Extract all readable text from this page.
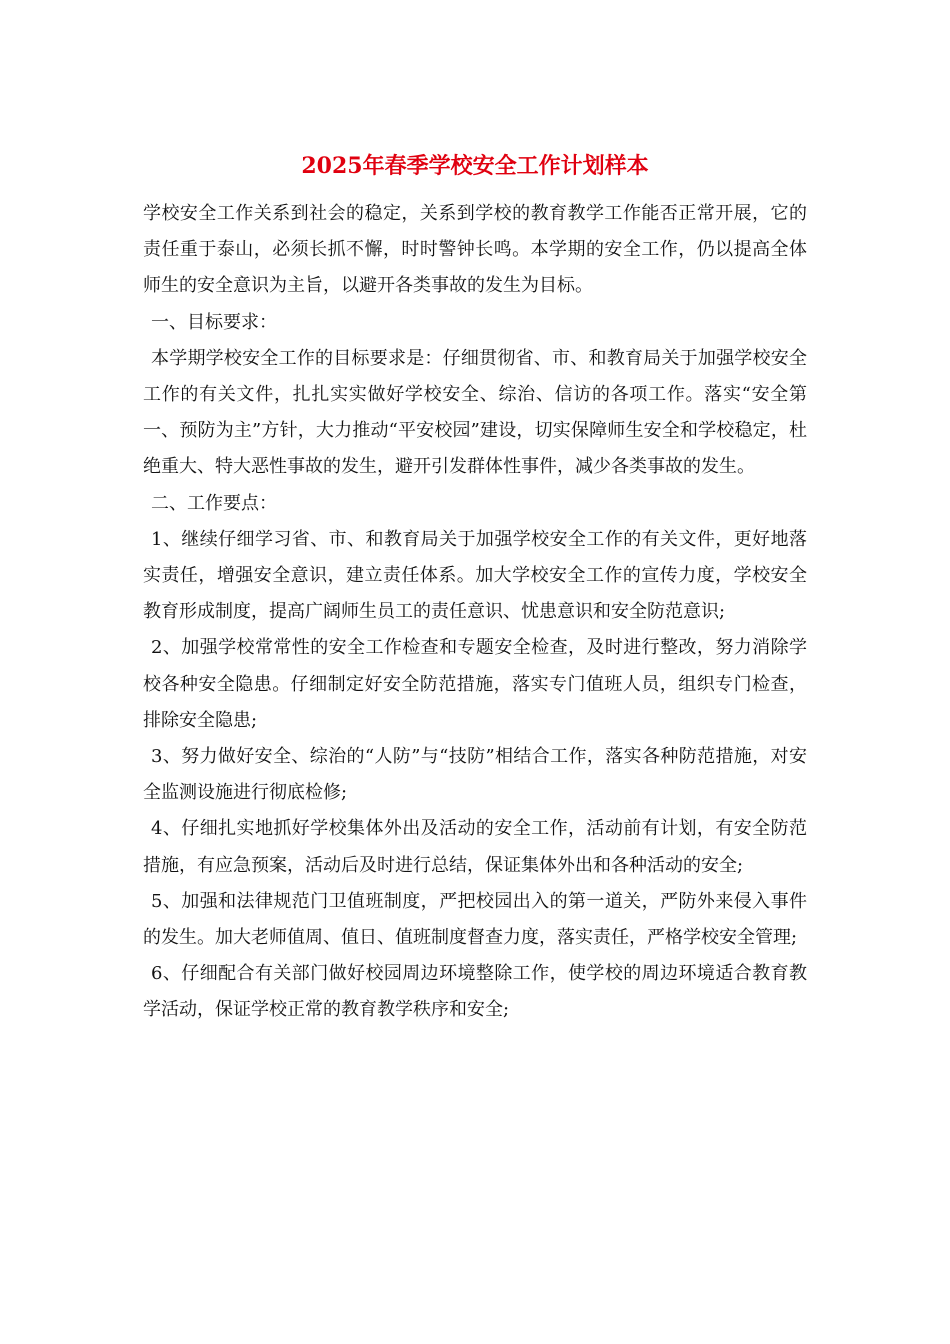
2025年春季学校安全工作计划样本

学校安全工作关系到社会的稳定，关系到学校的教育教学工作能否正常开展，它的责任重于泰山，必须长抓不懈，时时警钟长鸣。本学期的安全工作，仍以提高全体师生的安全意识为主旨，以避开各类事故的发生为目标。

一、目标要求：

本学期学校安全工作的目标要求是：仔细贯彻省、市、和教育局关于加强学校安全工作的有关文件，扎扎实实做好学校安全、综治、信访的各项工作。落实“安全第一、预防为主”方针，大力推动“平安校园”建设，切实保障师生安全和学校稳定，杜绝重大、特大恶性事故的发生，避开引发群体性事件，减少各类事故的发生。

二、工作要点：

1、继续仔细学习省、市、和教育局关于加强学校安全工作的有关文件，更好地落实责任，增强安全意识，建立责任体系。加大学校安全工作的宣传力度，学校安全教育形成制度，提高广阔师生员工的责任意识、忧患意识和安全防范意识;

2、加强学校常常性的安全工作检查和专题安全检查，及时进行整改，努力消除学校各种安全隐患。仔细制定好安全防范措施，落实专门值班人员，组织专门检查，排除安全隐患;

3、努力做好安全、综治的“人防”与“技防”相结合工作，落实各种防范措施，对安全监测设施进行彻底检修;

4、仔细扎实地抓好学校集体外出及活动的安全工作，活动前有计划，有安全防范措施，有应急预案，活动后及时进行总结，保证集体外出和各种活动的安全;

5、加强和法律规范门卫值班制度，严把校园出入的第一道关，严防外来侵入事件的发生。加大老师值周、值日、值班制度督查力度，落实责任，严格学校安全管理;

6、仔细配合有关部门做好校园周边环境整除工作，使学校的周边环境适合教育教学活动，保证学校正常的教育教学秩序和安全;
